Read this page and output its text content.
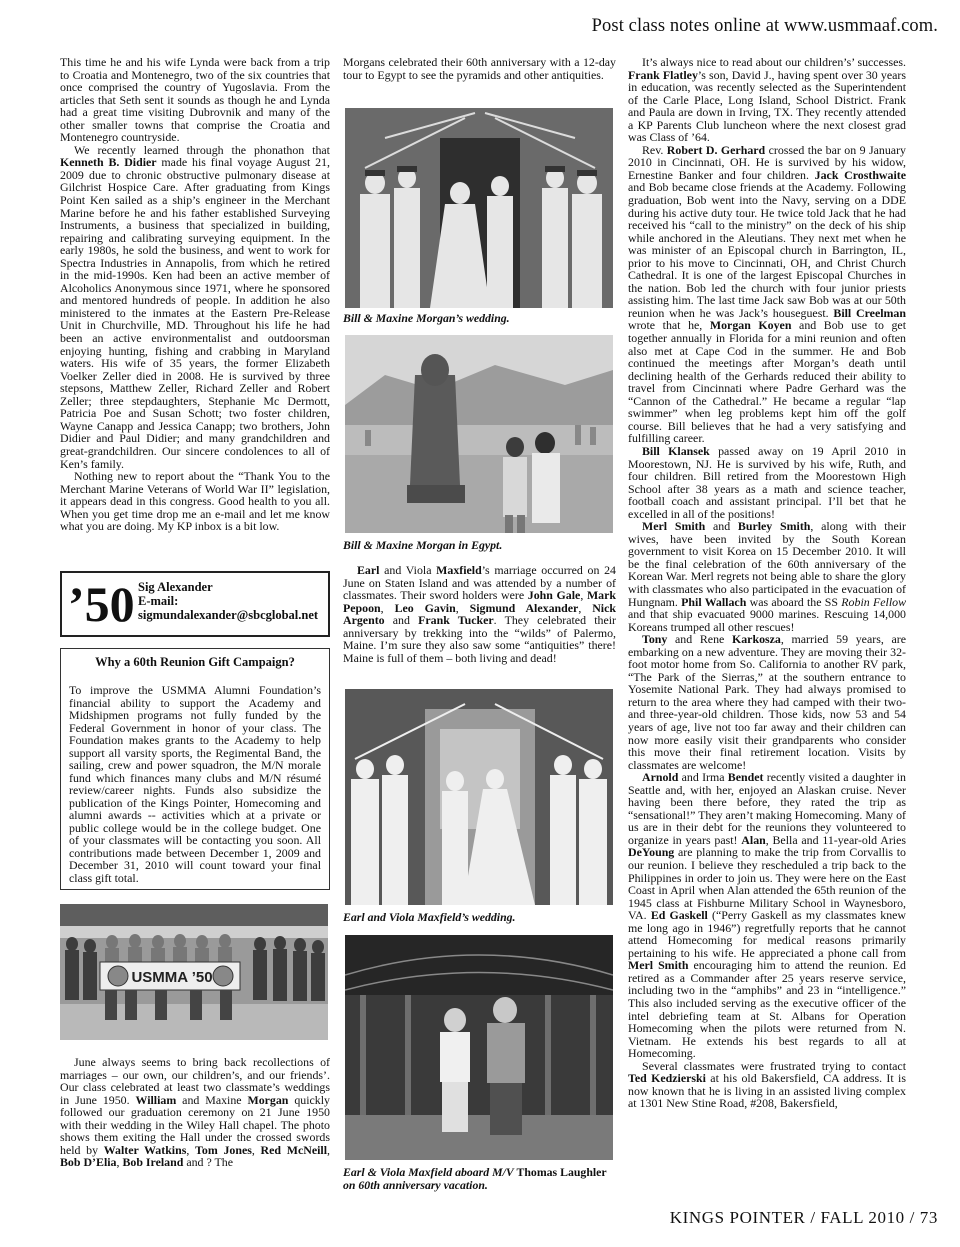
Post class notes online at www.usmmaaf.com.

This time he and his wife Lynda were back from a trip to Croatia and Montenegro, two of the six countries that once comprised the country of Yugoslavia. From the articles that Seth sent it sounds as though he and Lynda had a great time visiting Dubrovnik and many of the other smaller towns that comprise the Croatia and Montenegro countryside.

We recently learned through the phonathon that Kenneth B. Didier made his final voyage August 21, 2009 due to chronic obstructive pulmonary disease at Gilchrist Hospice Care. After graduating from Kings Point Ken sailed as a ship’s engineer in the Merchant Marine before he and his father established Surveying Instruments, a business that specialized in building, repairing and calibrating surveying equipment. In the early 1980s, he sold the business, and went to work for Spectra Industries in Annapolis, from which he retired in the mid-1990s. Ken had been an active member of Alcoholics Anonymous since 1971, where he sponsored and mentored hundreds of people. In addition he also ministered to the inmates at the Eastern Pre-Release Unit in Churchville, MD. Throughout his life he had been an active environmentalist and outdoorsman enjoying hunting, fishing and crabbing in Maryland waters. His wife of 35 years, the former Elizabeth Voelker Zeller died in 2008. He is survived by three stepsons, Matthew Zeller, Richard Zeller and Robert Zeller; three stepdaughters, Stephanie Mc Dermott, Patricia Poe and Susan Schott; two foster children, Wayne Canapp and Jessica Canapp; two brothers, John Didier and Paul Didier; and many grandchildren and great-grandchildren. Our sincere condolences to all of Ken’s family.

Nothing new to report about the “Thank You to the Merchant Marine Veterans of World War II” legislation, it appears dead in this congress. Good health to you all. When you get time drop me an e-mail and let me know what you are doing. My KP inbox is a bit low.

’50 Sig Alexander
E-mail:
sigmundalexander@sbcglobal.net
Why a 60th Reunion Gift Campaign?

To improve the USMMA Alumni Foundation’s financial ability to support the Academy and Midshipmen programs not fully funded by the Federal Government in honor of your class. The Foundation makes grants to the Academy to help support all varsity sports, the Regimental Band, the sailing, crew and power squadron, the M/N morale fund which finances many clubs and M/N résumé review/career nights. Funds also subsidize the publication of the Kings Pointer, Homecoming and alumni awards -- activities which at a private or public college would be in the college budget. One of your classmates will be contacting you soon. All contributions made between December 1, 2009 and December 31, 2010 will count toward your final class gift total.

USMMA ’50

June always seems to bring back recollections of marriages – our own, our children’s, and our friends’. Our class celebrated at least two classmate’s weddings in June 1950. William and Maxine Morgan quickly followed our graduation ceremony on 21 June 1950 with their wedding in the Wiley Hall chapel. The photo shows them exiting the Hall under the crossed swords held by Walter Watkins, Tom Jones, Red McNeill, Bob D’Elia, Bob Ireland and ? The

Morgans celebrated their 60th anniversary with a 12-day tour to Egypt to see the pyramids and other antiquities.

Bill & Maxine Morgan’s wedding.
Bill & Maxine Morgan in Egypt.

Earl and Viola Maxfield’s marriage occurred on 24 June on Staten Island and was attended by a number of classmates. Their sword holders were John Gale, Mark Pepoon, Leo Gavin, Sigmund Alexander, Nick Argento and Frank Tucker. They celebrated their anniversary by trekking into the “wilds” of Palermo, Maine. I’m sure they also saw some “antiquities” there! Maine is full of them – both living and dead!

Earl and Viola Maxfield’s wedding.
Earl & Viola Maxfield aboard M/V Thomas Laughler on 60th anniversary vacation.

It’s always nice to read about our children’s’ successes. Frank Flatley’s son, David J., having spent over 30 years in education, was recently selected as the Superintendent of the Carle Place, Long Island, School District. Frank and Paula are down in Irving, TX. They recently attended a KP Parents Club luncheon where the next closest grad was Class of ’64.

Rev. Robert D. Gerhard crossed the bar on 9 January 2010 in Cincinnati, OH. He is survived by his widow, Ernestine Banker and four children. Jack Crosthwaite and Bob became close friends at the Academy. Following graduation, Bob went into the Navy, serving on a DDE during his active duty tour. He twice told Jack that he had received his “call to the ministry” on the deck of his ship while anchored in the Aleutians. They next met when he was minister of an Episcopal church in Barrington, IL, prior to his move to Cincinnati, OH, and Christ Church Cathedral. It is one of the largest Episcopal Churches in the nation. Bob led the church with four junior priests assisting him. The last time Jack saw Bob was at our 50th reunion when he was Jack’s houseguest. Bill Creelman wrote that he, Morgan Koyen and Bob use to get together annually in Florida for a mini reunion and often also met at Cape Cod in the summer. He and Bob continued the meetings after Morgan’s death until declining health of the Gerhards reduced their ability to travel from Cincinnati where Padre Gerhard was the “Cannon of the Cathedral.” He became a regular “lap swimmer” when leg problems kept him off the golf course. Bill believes that he had a very satisfying and fulfilling career.

Bill Klansek passed away on 19 April 2010 in Moorestown, NJ. He is survived by his wife, Ruth, and four children. Bill retired from the Moorestown High School after 38 years as a math and science teacher, football coach and assistant principal. I’ll bet that he excelled in all of the positions!

Merl Smith and Burley Smith, along with their wives, have been invited by the South Korean government to visit Korea on 15 December 2010. It will be the final celebration of the 60th anniversary of the Korean War. Merl regrets not being able to share the glory with classmates who also participated in the evacuation of Hungnam. Phil Wallach was aboard the SS Robin Fellow and that ship evacuated 9000 marines. Rescuing 14,000 Koreans trumped all other rescues!

Tony and Rene Karkosza, married 59 years, are embarking on a new adventure. They are moving their 32-foot motor home from So. California to another RV park, “The Park of the Sierras,” at the southern entrance to Yosemite National Park. They had always promised to return to the area where they had camped with their two- and three-year-old children. Those kids, now 53 and 54 years of age, live not too far away and their children can now more easily visit their grandparents who consider this move their final retirement location. Visits by classmates are welcome!

Arnold and Irma Bendet recently visited a daughter in Seattle and, with her, enjoyed an Alaskan cruise. Never having been there before, they rated the trip as “sensational!” They aren’t making Homecoming. Many of us are in their debt for the reunions they volunteered to organize in years past! Alan, Bella and 11-year-old Aries DeYoung are planning to make the trip from Corvallis to our reunion. I believe they rescheduled a trip back to the Philippines in order to join us. They were here on the East Coast in April when Alan attended the 65th reunion of the 1945 class at Fishburne Military School in Waynesboro, VA. Ed Gaskell (“Perry Gaskell as my classmates knew me long ago in 1946”) regretfully reports that he cannot attend Homecoming for medical reasons primarily pertaining to his wife. He appreciated a phone call from Merl Smith encouraging him to attend the reunion. Ed retired as a Commander after 25 years reserve service, including two in the “amphibs” and 23 in “intelligence.” This also included serving as the executive officer of the intel debriefing team at St. Albans for Operation Homecoming when the pilots were returned from N. Vietnam. He extends his best regards to all at Homecoming.

Several classmates were frustrated trying to contact Ted Kedzierski at his old Bakersfield, CA address. It is now known that he is living in an assisted living complex at 1301 New Stine Road, #208, Bakersfield,

KINGS POINTER / FALL 2010 / 73
